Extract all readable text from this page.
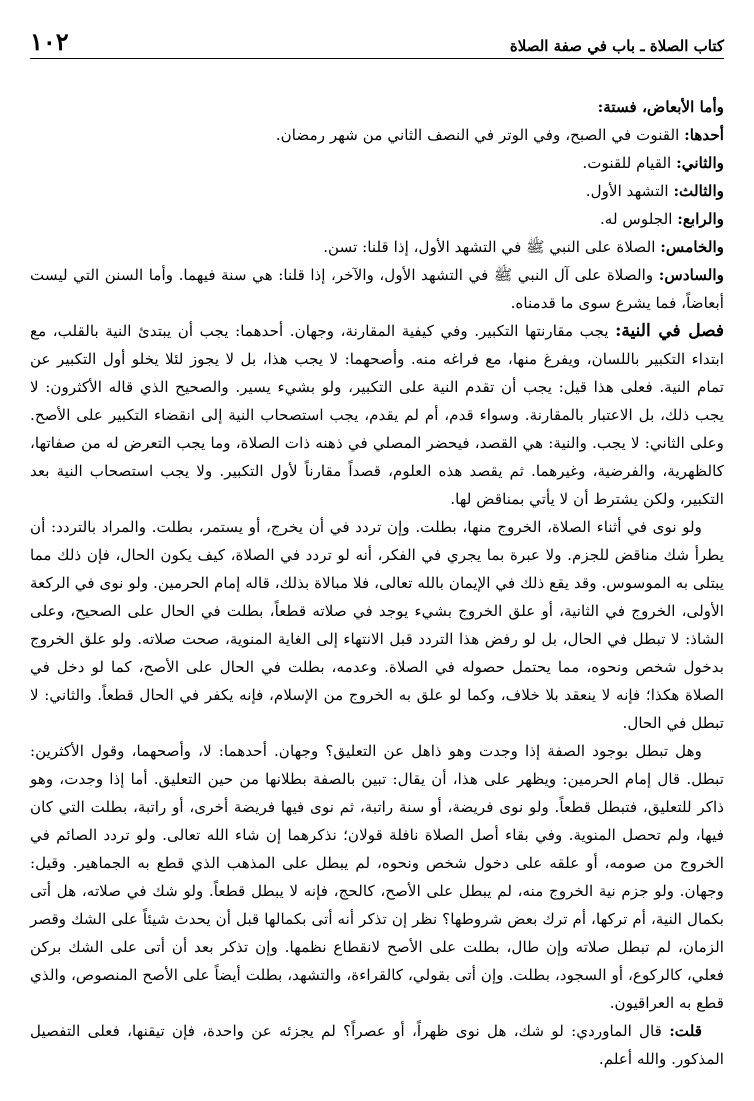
كتاب الصلاة ـ باب في صفة الصلاة
١٠٢

وأما الأبعاض، فستة:

أحدها: القنوت في الصبح، وفي الوتر في النصف الثاني من شهر رمضان.

والثاني: القيام للقنوت.

والثالث: التشهد الأول.

والرابع: الجلوس له.

والخامس: الصلاة على النبي ﷺ في التشهد الأول، إذا قلنا: تسن.

والسادس: والصلاة على آل النبي ﷺ في التشهد الأول، والآخر، إذا قلنا: هي سنة فيهما. وأما السنن التي ليست أبعاضاً، فما يشرع سوى ما قدمناه.

فصل في النية: يجب مقارنتها التكبير. وفي كيفية المقارنة، وجهان. أحدهما: يجب أن يبتدئ النية بالقلب، مع ابتداء التكبير باللسان، ويفرغ منها، مع فراغه منه. وأصحهما: لا يجب هذا، بل لا يجوز لئلا يخلو أول التكبير عن تمام النية. فعلى هذا قيل: يجب أن تقدم النية على التكبير، ولو بشيء يسير. والصحيح الذي قاله الأكثرون: لا يجب ذلك، بل الاعتبار بالمقارنة. وسواء قدم، أم لم يقدم، يجب استصحاب النية إلى انقضاء التكبير على الأصح. وعلى الثاني: لا يجب. والنية: هي القصد، فيحضر المصلي في ذهنه ذات الصلاة، وما يجب التعرض له من صفاتها، كالظهرية، والفرضية، وغيرهما. ثم يقصد هذه العلوم، قصداً مقارناً لأول التكبير. ولا يجب استصحاب النية بعد التكبير، ولكن يشترط أن لا يأتي بمناقض لها.

ولو نوى في أثناء الصلاة، الخروج منها، بطلت. وإن تردد في أن يخرج، أو يستمر، بطلت. والمراد بالتردد: أن يطرأ شك مناقض للجزم. ولا عبرة بما يجري في الفكر، أنه لو تردد في الصلاة، كيف يكون الحال، فإن ذلك مما يبتلى به الموسوس. وقد يقع ذلك في الإيمان بالله تعالى، فلا مبالاة بذلك، قاله إمام الحرمين. ولو نوى في الركعة الأولى، الخروج في الثانية، أو علق الخروج بشيء يوجد في صلاته قطعاً، بطلت في الحال على الصحيح، وعلى الشاذ: لا تبطل في الحال، بل لو رفض هذا التردد قبل الانتهاء إلى الغاية المنوية، صحت صلاته. ولو علق الخروج بدخول شخص ونحوه، مما يحتمل حصوله في الصلاة. وعدمه، بطلت في الحال على الأصح، كما لو دخل في الصلاة هكذا؛ فإنه لا ينعقد بلا خلاف، وكما لو علق به الخروج من الإسلام، فإنه يكفر في الحال قطعاً. والثاني: لا تبطل في الحال.

وهل تبطل بوجود الصفة إذا وجدت وهو ذاهل عن التعليق؟ وجهان. أحدهما: لا، وأصحهما، وقول الأكثرين: تبطل. قال إمام الحرمين: ويظهر على هذا، أن يقال: تبين بالصفة بطلانها من حين التعليق. أما إذا وجدت، وهو ذاكر للتعليق، فتبطل قطعاً. ولو نوى فريضة، أو سنة راتبة، ثم نوى فيها فريضة أخرى، أو راتبة، بطلت التي كان فيها، ولم تحصل المنوية. وفي بقاء أصل الصلاة نافلة قولان؛ نذكرهما إن شاء الله تعالى. ولو تردد الصائم في الخروج من صومه، أو علقه على دخول شخص ونحوه، لم يبطل على المذهب الذي قطع به الجماهير. وقيل: وجهان. ولو جزم نية الخروج منه، لم يبطل على الأصح، كالحج، فإنه لا يبطل قطعاً. ولو شك في صلاته، هل أتى بكمال النية، أم تركها، أم ترك بعض شروطها؟ نظر إن تذكر أنه أتى بكمالها قبل أن يحدث شيئاً على الشك وقصر الزمان، لم تبطل صلاته وإن طال، بطلت على الأصح لانقطاع نظمها. وإن تذكر بعد أن أتى على الشك بركن فعلي، كالركوع، أو السجود، بطلت. وإن أتى بقولي، كالقراءة، والتشهد، بطلت أيضاً على الأصح المنصوص، والذي قطع به العراقيون.

قلت: قال الماوردي: لو شك، هل نوى ظهراً، أو عصراً؟ لم يجزئه عن واحدة، فإن تيقنها، فعلى التفصيل المذكور. والله أعلم.
